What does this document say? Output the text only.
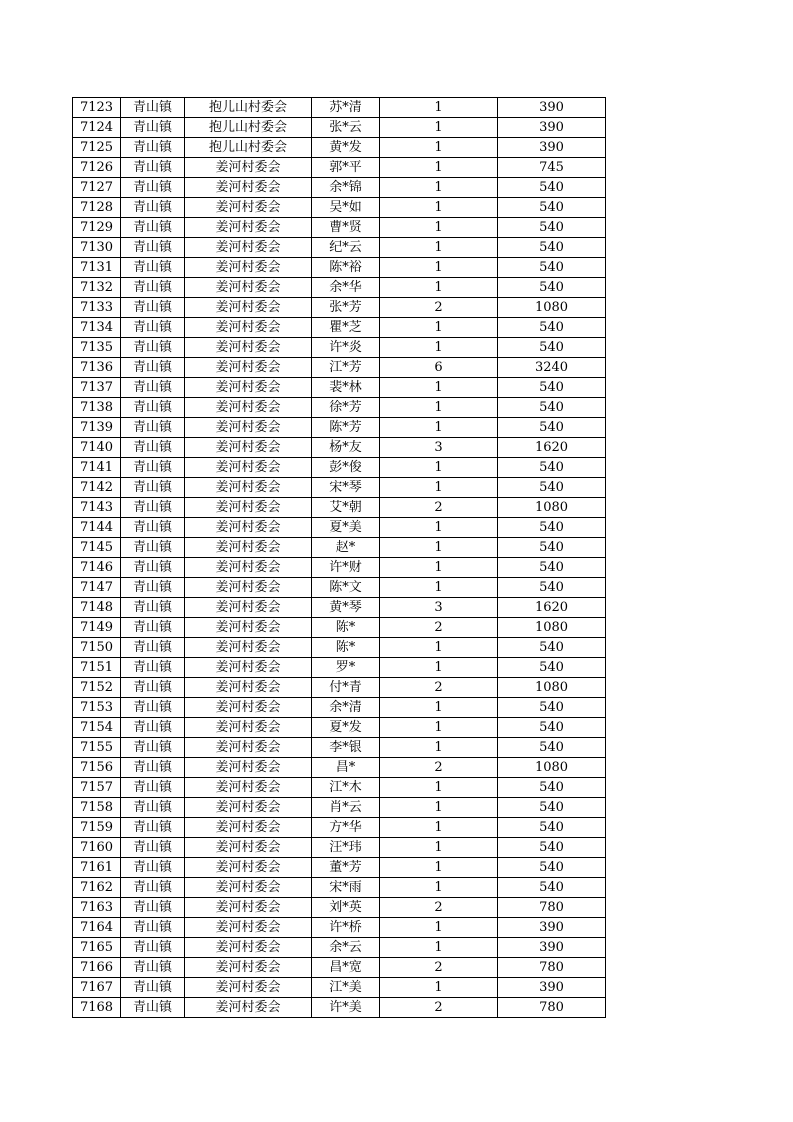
7123	青山镇	抱儿山村委会	苏*清	1	390
7124	青山镇	抱儿山村委会	张*云	1	390
7125	青山镇	抱儿山村委会	黄*发	1	390
7126	青山镇	姜河村委会	郭*平	1	745
7127	青山镇	姜河村委会	余*锦	1	540
7128	青山镇	姜河村委会	吴*如	1	540
7129	青山镇	姜河村委会	曹*贤	1	540
7130	青山镇	姜河村委会	纪*云	1	540
7131	青山镇	姜河村委会	陈*裕	1	540
7132	青山镇	姜河村委会	余*华	1	540
7133	青山镇	姜河村委会	张*芳	2	1080
7134	青山镇	姜河村委会	瞿*芝	1	540
7135	青山镇	姜河村委会	许*炎	1	540
7136	青山镇	姜河村委会	江*芳	6	3240
7137	青山镇	姜河村委会	裴*林	1	540
7138	青山镇	姜河村委会	徐*芳	1	540
7139	青山镇	姜河村委会	陈*芳	1	540
7140	青山镇	姜河村委会	杨*友	3	1620
7141	青山镇	姜河村委会	彭*俊	1	540
7142	青山镇	姜河村委会	宋*琴	1	540
7143	青山镇	姜河村委会	艾*朝	2	1080
7144	青山镇	姜河村委会	夏*美	1	540
7145	青山镇	姜河村委会	赵*	1	540
7146	青山镇	姜河村委会	许*财	1	540
7147	青山镇	姜河村委会	陈*文	1	540
7148	青山镇	姜河村委会	黄*琴	3	1620
7149	青山镇	姜河村委会	陈*	2	1080
7150	青山镇	姜河村委会	陈*	1	540
7151	青山镇	姜河村委会	罗*	1	540
7152	青山镇	姜河村委会	付*青	2	1080
7153	青山镇	姜河村委会	余*清	1	540
7154	青山镇	姜河村委会	夏*发	1	540
7155	青山镇	姜河村委会	李*银	1	540
7156	青山镇	姜河村委会	昌*	2	1080
7157	青山镇	姜河村委会	江*木	1	540
7158	青山镇	姜河村委会	肖*云	1	540
7159	青山镇	姜河村委会	方*华	1	540
7160	青山镇	姜河村委会	汪*玮	1	540
7161	青山镇	姜河村委会	董*芳	1	540
7162	青山镇	姜河村委会	宋*雨	1	540
7163	青山镇	姜河村委会	刘*英	2	780
7164	青山镇	姜河村委会	许*桥	1	390
7165	青山镇	姜河村委会	余*云	1	390
7166	青山镇	姜河村委会	昌*宽	2	780
7167	青山镇	姜河村委会	江*美	1	390
7168	青山镇	姜河村委会	许*美	2	780
